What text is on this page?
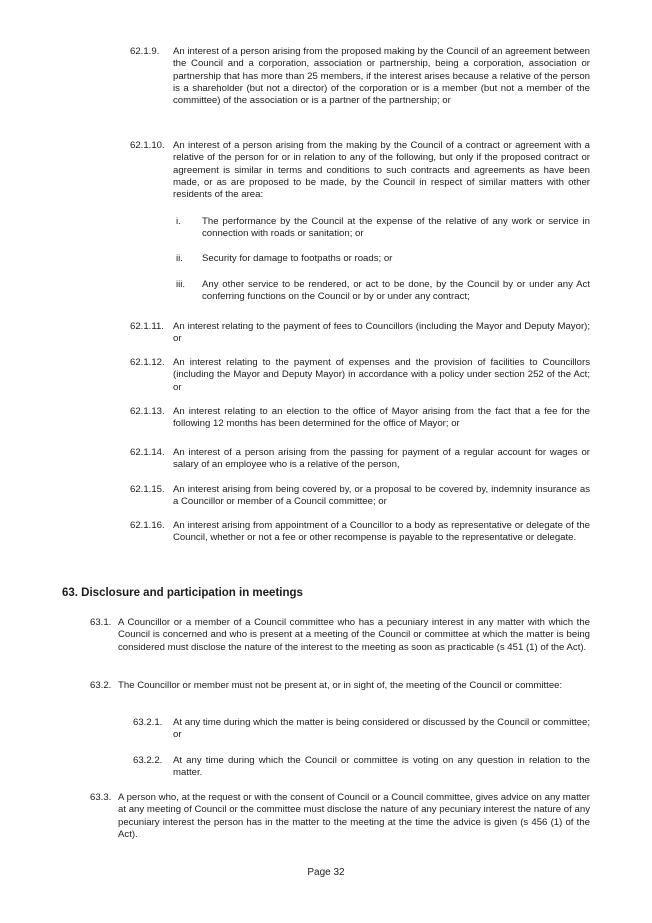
62.1.9. An interest of a person arising from the proposed making by the Council of an agreement between the Council and a corporation, association or partnership, being a corporation, association or partnership that has more than 25 members, if the interest arises because a relative of the person is a shareholder (but not a director) of the corporation or is a member (but not a member of the committee) of the association or is a partner of the partnership; or
62.1.10. An interest of a person arising from the making by the Council of a contract or agreement with a relative of the person for or in relation to any of the following, but only if the proposed contract or agreement is similar in terms and conditions to such contracts and agreements as have been made, or as are proposed to be made, by the Council in respect of similar matters with other residents of the area:
i. The performance by the Council at the expense of the relative of any work or service in connection with roads or sanitation; or
ii. Security for damage to footpaths or roads; or
iii. Any other service to be rendered, or act to be done, by the Council by or under any Act conferring functions on the Council or by or under any contract;
62.1.11. An interest relating to the payment of fees to Councillors (including the Mayor and Deputy Mayor); or
62.1.12. An interest relating to the payment of expenses and the provision of facilities to Councillors (including the Mayor and Deputy Mayor) in accordance with a policy under section 252 of the Act; or
62.1.13. An interest relating to an election to the office of Mayor arising from the fact that a fee for the following 12 months has been determined for the office of Mayor; or
62.1.14. An interest of a person arising from the passing for payment of a regular account for wages or salary of an employee who is a relative of the person,
62.1.15. An interest arising from being covered by, or a proposal to be covered by, indemnity insurance as a Councillor or member of a Council committee; or
62.1.16. An interest arising from appointment of a Councillor to a body as representative or delegate of the Council, whether or not a fee or other recompense is payable to the representative or delegate.
63. Disclosure and participation in meetings
63.1. A Councillor or a member of a Council committee who has a pecuniary interest in any matter with which the Council is concerned and who is present at a meeting of the Council or committee at which the matter is being considered must disclose the nature of the interest to the meeting as soon as practicable (s 451 (1) of the Act).
63.2. The Councillor or member must not be present at, or in sight of, the meeting of the Council or committee:
63.2.1. At any time during which the matter is being considered or discussed by the Council or committee; or
63.2.2. At any time during which the Council or committee is voting on any question in relation to the matter.
63.3. A person who, at the request or with the consent of Council or a Council committee, gives advice on any matter at any meeting of Council or the committee must disclose the nature of any pecuniary interest the nature of any pecuniary interest the person has in the matter to the meeting at the time the advice is given (s 456 (1) of the Act).
Page 32
